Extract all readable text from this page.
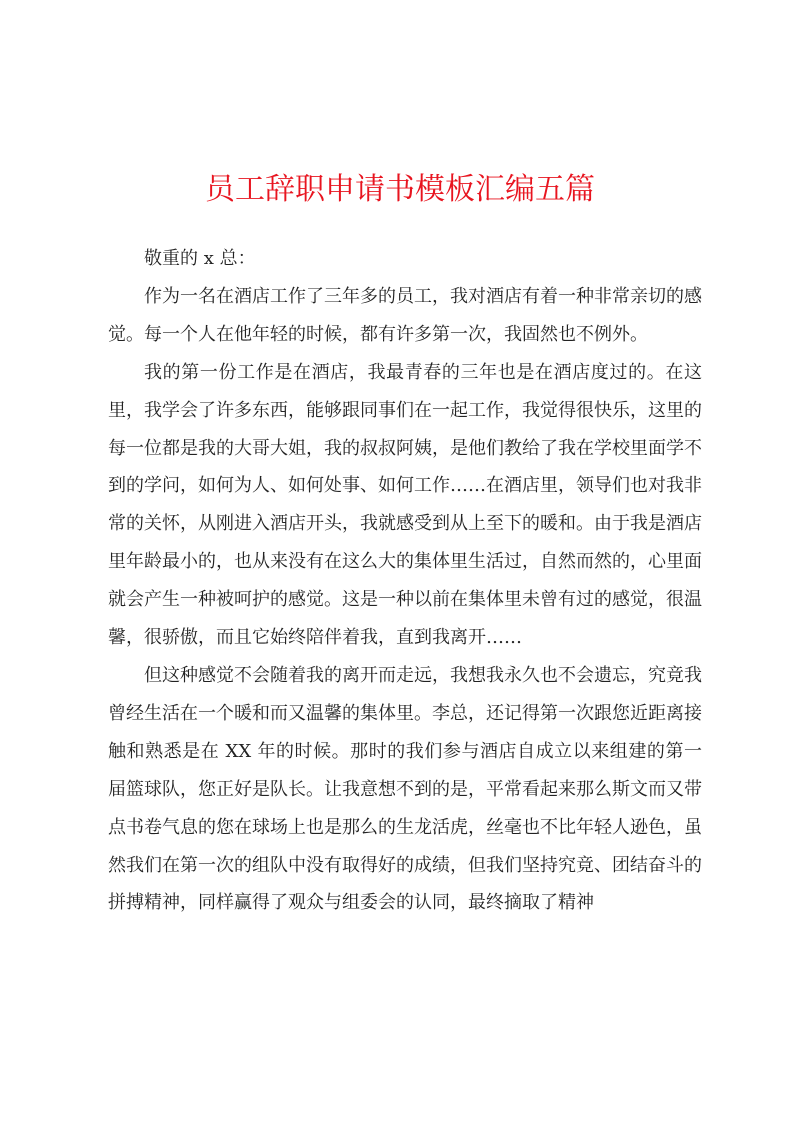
员工辞职申请书模板汇编五篇

敬重的 x 总：

作为一名在酒店工作了三年多的员工，我对酒店有着一种非常亲切的感觉。每一个人在他年轻的时候，都有许多第一次，我固然也不例外。

我的第一份工作是在酒店，我最青春的三年也是在酒店度过的。在这里，我学会了许多东西，能够跟同事们在一起工作，我觉得很快乐，这里的每一位都是我的大哥大姐，我的叔叔阿姨，是他们教给了我在学校里面学不到的学问，如何为人、如何处事、如何工作……在酒店里，领导们也对我非常的关怀，从刚进入酒店开头，我就感受到从上至下的暖和。由于我是酒店里年龄最小的，也从来没有在这么大的集体里生活过，自然而然的，心里面就会产生一种被呵护的感觉。这是一种以前在集体里未曾有过的感觉，很温馨，很骄傲，而且它始终陪伴着我，直到我离开……

但这种感觉不会随着我的离开而走远，我想我永久也不会遗忘，究竟我曾经生活在一个暖和而又温馨的集体里。李总，还记得第一次跟您近距离接触和熟悉是在 XX 年的时候。那时的我们参与酒店自成立以来组建的第一届篮球队，您正好是队长。让我意想不到的是，平常看起来那么斯文而又带点书卷气息的您在球场上也是那么的生龙活虎，丝毫也不比年轻人逊色，虽然我们在第一次的组队中没有取得好的成绩，但我们坚持究竟、团结奋斗的拼搏精神，同样赢得了观众与组委会的认同，最终摘取了精神
